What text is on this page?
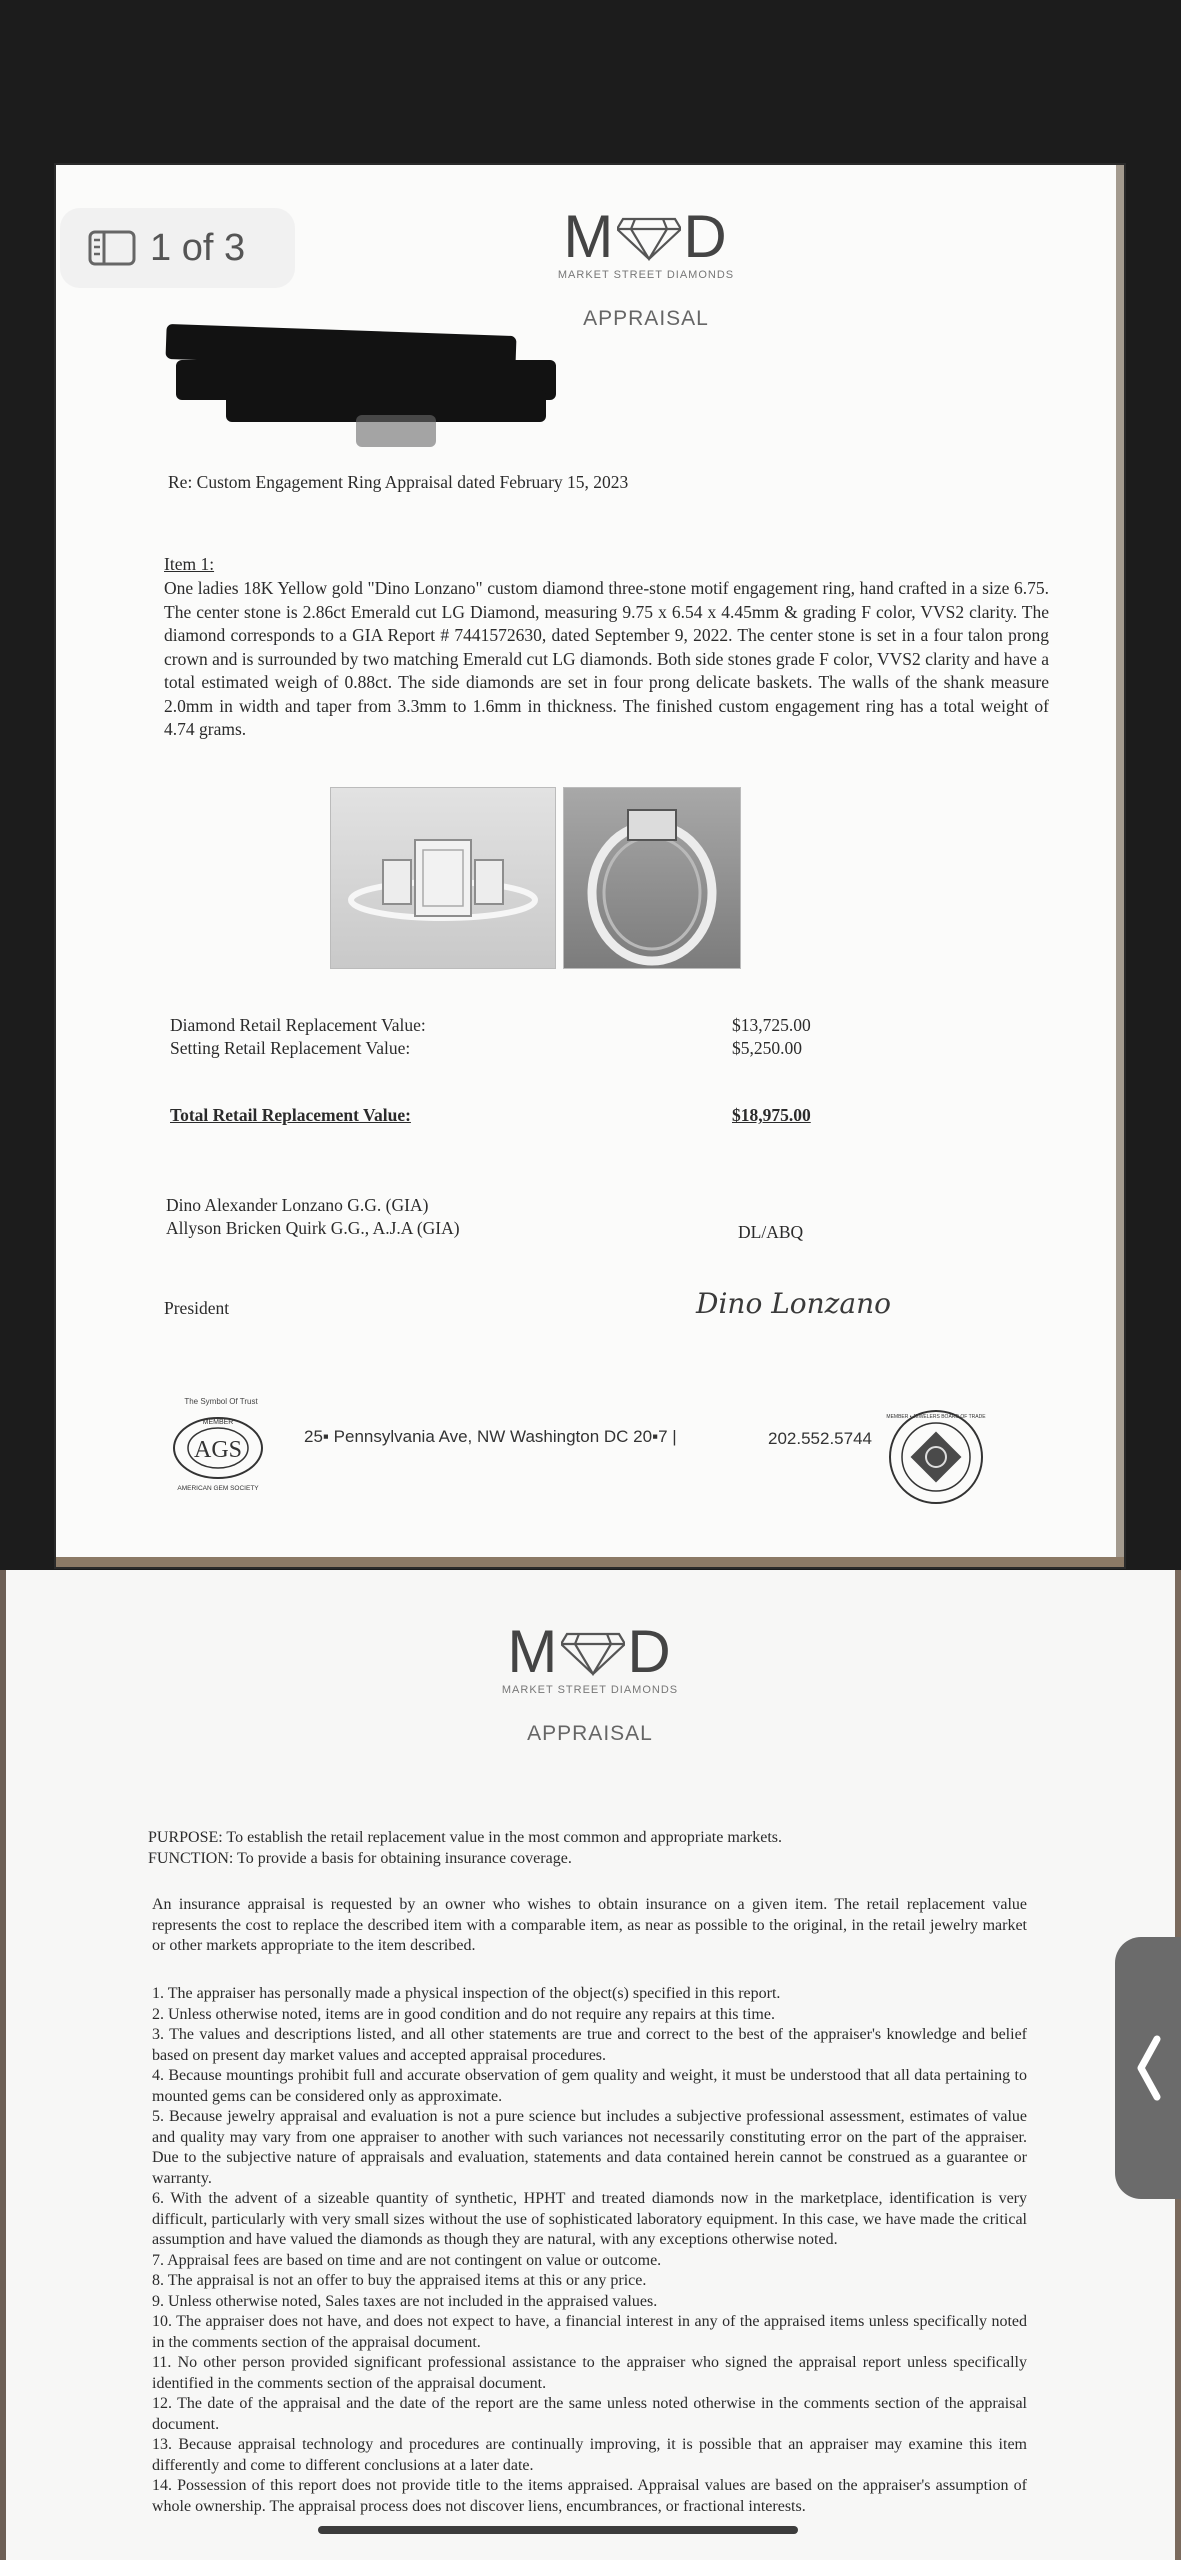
M D
MARKET STREET DIAMONDS
APPRAISAL
Re: Custom Engagement Ring Appraisal dated February 15, 2023
Item 1:
One ladies 18K Yellow gold "Dino Lonzano" custom diamond three-stone motif engagement ring, hand crafted in a size 6.75. The center stone is 2.86ct Emerald cut LG Diamond, measuring 9.75 x 6.54 x 4.45mm & grading F color, VVS2 clarity. The diamond corresponds to a GIA Report # 7441572630, dated September 9, 2022. The center stone is set in a four talon prong crown and is surrounded by two matching Emerald cut LG diamonds. Both side stones grade F color, VVS2 clarity and have a total estimated weigh of 0.88ct. The side diamonds are set in four prong delicate baskets. The walls of the shank measure 2.0mm in width and taper from 3.3mm to 1.6mm in thickness. The finished custom engagement ring has a total weight of 4.74 grams.
Diamond Retail Replacement Value:	$13,725.00
Setting Retail Replacement Value:	$5,250.00
Total Retail Replacement Value:	$18,975.00
Dino Alexander Lonzano G.G. (GIA)
Allyson Bricken Quirk G.G., A.J.A (GIA)	DL/ABQ
President	Dino Lonzano
The Symbol Of Trust
MEMBER
AGS
AMERICAN GEM SOCIETY
25▪ Pennsylvania Ave, NW Washington DC 20▪7 |	202.552.5744
MEMBER • JEWELERS BOARD OF TRADE
1 of 3
M D
MARKET STREET DIAMONDS
APPRAISAL

PURPOSE: To establish the retail replacement value in the most common and appropriate markets.

FUNCTION: To provide a basis for obtaining insurance coverage.

An insurance appraisal is requested by an owner who wishes to obtain insurance on a given item. The retail replacement value represents the cost to replace the described item with a comparable item, as near as possible to the original, in the retail jewelry market or other markets appropriate to the item described.

1. The appraiser has personally made a physical inspection of the object(s) specified in this report.

2. Unless otherwise noted, items are in good condition and do not require any repairs at this time.

3. The values and descriptions listed, and all other statements are true and correct to the best of the appraiser's knowledge and belief based on present day market values and accepted appraisal procedures.

4. Because mountings prohibit full and accurate observation of gem quality and weight, it must be understood that all data pertaining to mounted gems can be considered only as approximate.

5. Because jewelry appraisal and evaluation is not a pure science but includes a subjective professional assessment, estimates of value and quality may vary from one appraiser to another with such variances not necessarily constituting error on the part of the appraiser. Due to the subjective nature of appraisals and evaluation, statements and data contained herein cannot be construed as a guarantee or warranty.

6. With the advent of a sizeable quantity of synthetic, HPHT and treated diamonds now in the marketplace, identification is very difficult, particularly with very small sizes without the use of sophisticated laboratory equipment. In this case, we have made the critical assumption and have valued the diamonds as though they are natural, with any exceptions otherwise noted.

7. Appraisal fees are based on time and are not contingent on value or outcome.

8. The appraisal is not an offer to buy the appraised items at this or any price.

9. Unless otherwise noted, Sales taxes are not included in the appraised values.

10. The appraiser does not have, and does not expect to have, a financial interest in any of the appraised items unless specifically noted in the comments section of the appraisal document.

11. No other person provided significant professional assistance to the appraiser who signed the appraisal report unless specifically identified in the comments section of the appraisal document.

12. The date of the appraisal and the date of the report are the same unless noted otherwise in the comments section of the appraisal document.

13. Because appraisal technology and procedures are continually improving, it is possible that an appraiser may examine this item differently and come to different conclusions at a later date.

14. Possession of this report does not provide title to the items appraised. Appraisal values are based on the appraiser's assumption of whole ownership. The appraisal process does not discover liens, encumbrances, or fractional interests.
